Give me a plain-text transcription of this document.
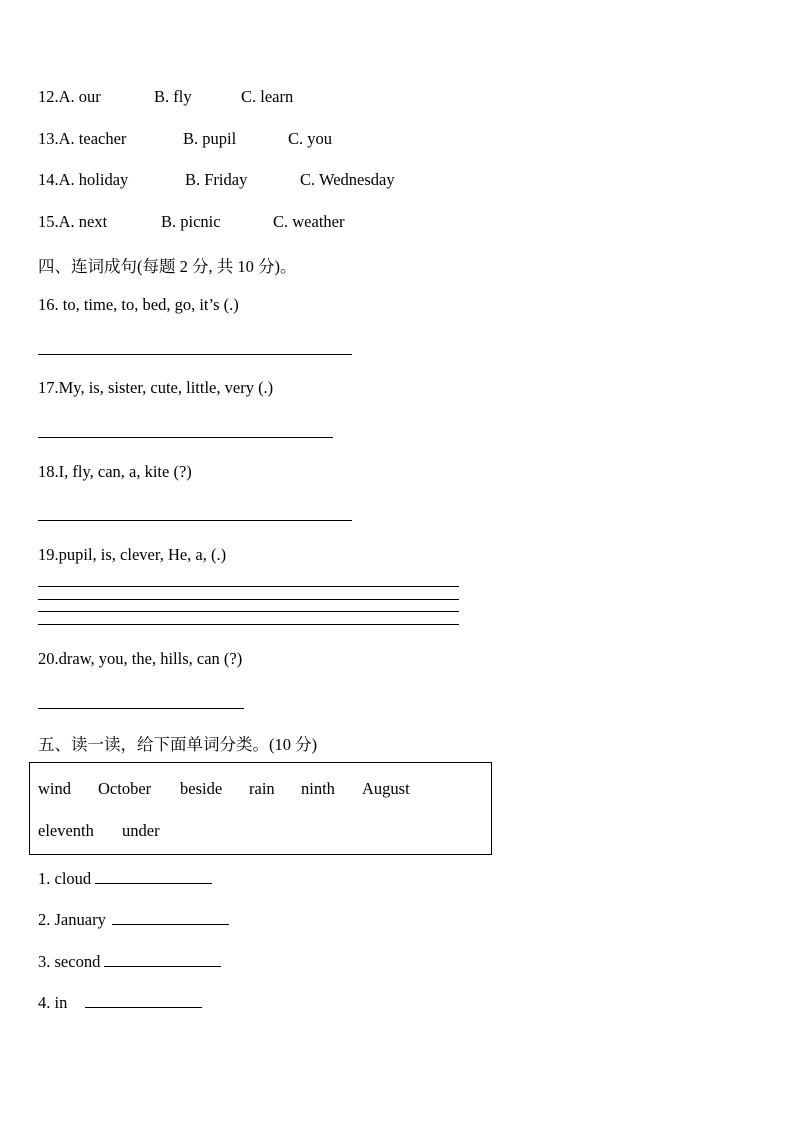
12.A. our	B. fly	C. learn
13.A. teacher	B. pupil	C. you
14.A. holiday	B. Friday	C. Wednesday
15.A. next	B. picnic	C. weather
四、连词成句(每题 2 分, 共 10 分)。
16. to, time, to, bed, go, it’s (.)
17.My, is, sister, cute, little, very (.)
18.I, fly, can, a, kite (?)
19.pupil, is, clever, He, a, (.)
20.draw, you, the, hills, can (?)
五、读一读，给下面单词分类。(10 分)
wind October beside rain ninth August
eleventh under
1. cloud
2. January
3. second
4. in
